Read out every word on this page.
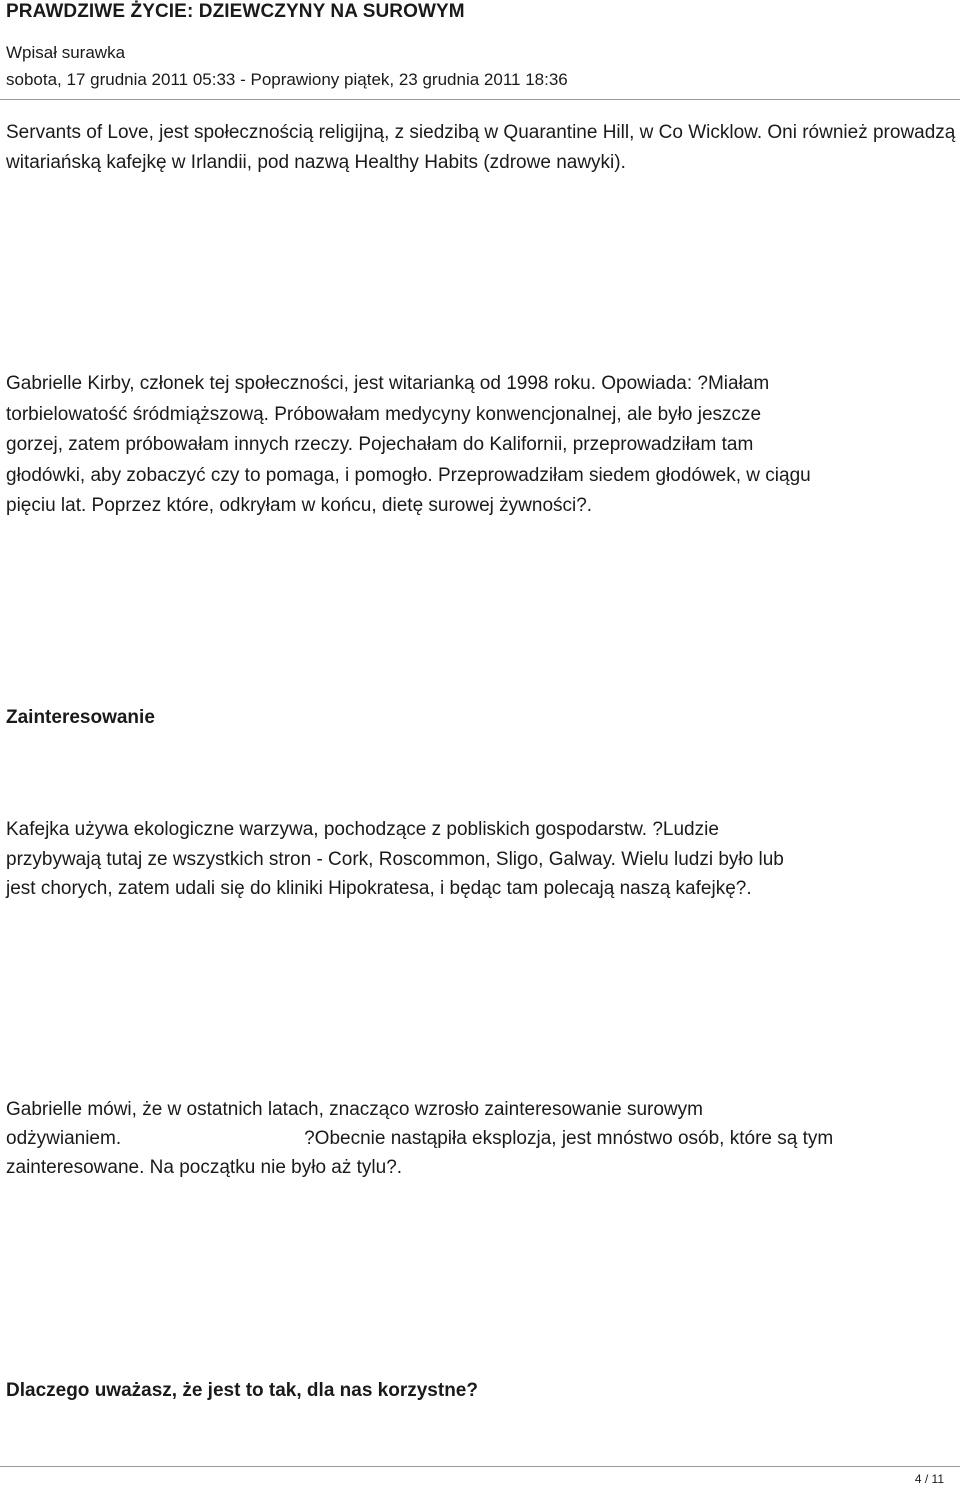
PRAWDZIWE ŻYCIE: DZIEWCZYNY NA SUROWYM
Wpisał surawka
sobota, 17 grudnia 2011 05:33 - Poprawiony piątek, 23 grudnia 2011 18:36
Servants of Love, jest społecznością religijną, z siedzibą w Quarantine Hill, w Co Wicklow. Oni również prowadzą witariańską kafejkę w Irlandii, pod nazwą Healthy Habits (zdrowe nawyki).
Gabrielle Kirby, członek tej społeczności, jest witarianką od 1998 roku. Opowiada: ?Miałam
torbielowatość śródmiąższową. Próbowałam medycyny konwencjonalnej, ale było jeszcze
gorzej, zatem próbowałam innych rzeczy. Pojechałam do Kalifornii, przeprowadziłam tam
głodówki, aby zobaczyć czy to pomaga, i pomogło. Przeprowadziłam siedem głodówek, w ciągu
pięciu lat. Poprzez które, odkryłam w końcu, dietę surowej żywności?.
Zainteresowanie
Kafejka używa ekologiczne warzywa, pochodzące z pobliskich gospodarstw. ?Ludzie
przybywają tutaj ze wszystkich stron - Cork, Roscommon, Sligo, Galway. Wielu ludzi było lub
jest chorych, zatem udali się do kliniki Hipokratesa, i będąc tam polecają naszą kafejkę?.
Gabrielle mówi, że w ostatnich latach, znacząco wzrosło zainteresowanie surowym
odżywianiem.	?Obecnie nastąpiła eksplozja, jest mnóstwo osób, które są tym
zainteresowane. Na początku nie było aż tylu?.
Dlaczego uważasz, że jest to tak, dla nas korzystne?
4 / 11
